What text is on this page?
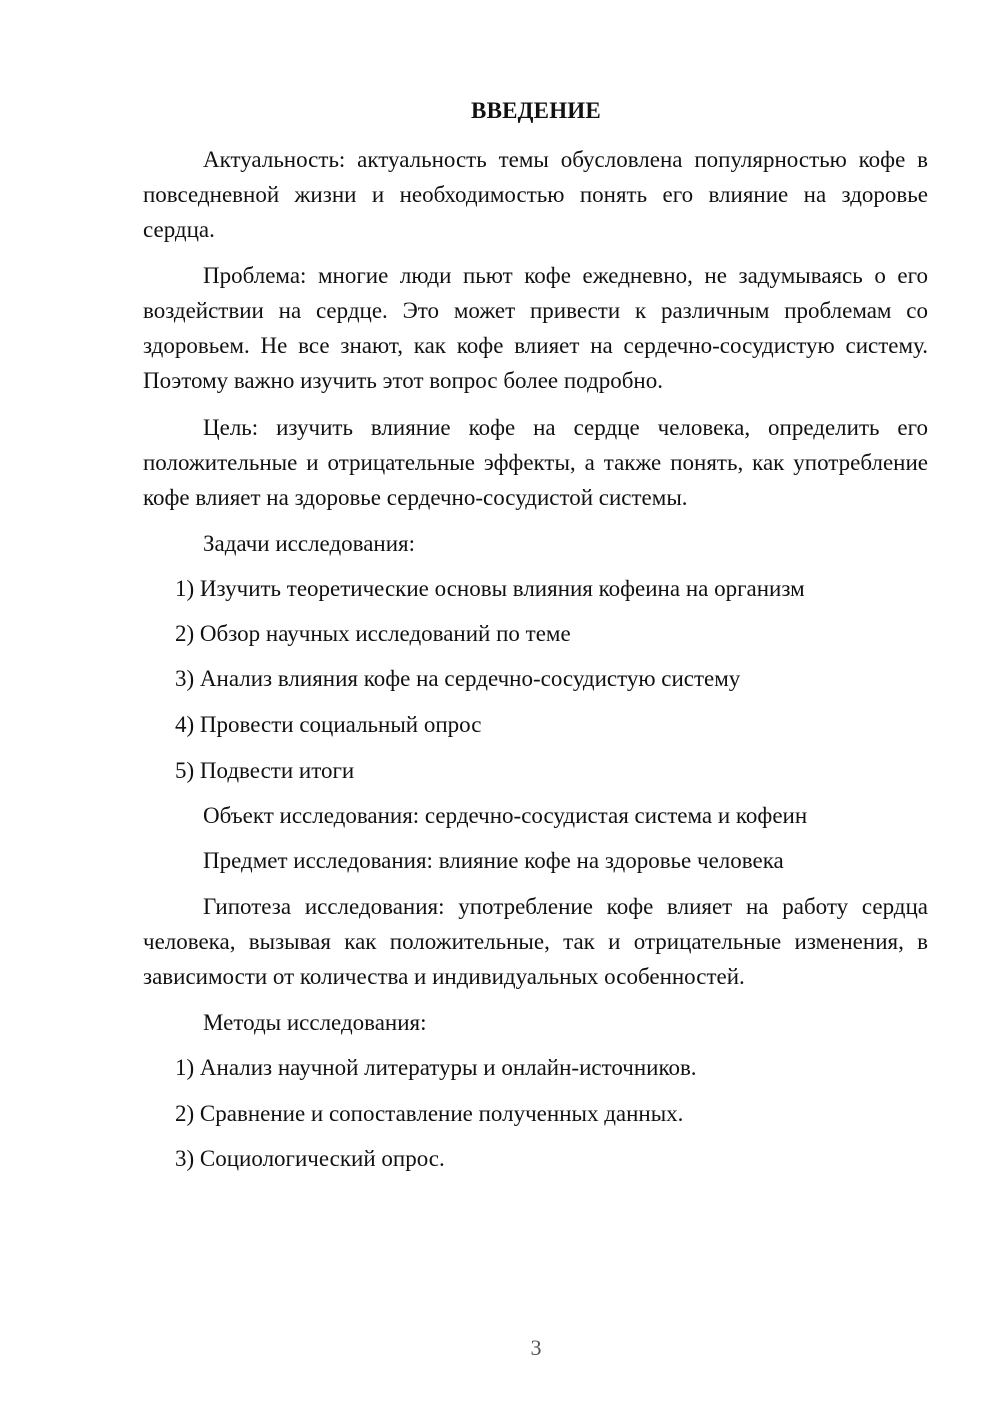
ВВЕДЕНИЕ

Актуальность: актуальность темы обусловлена популярностью кофе в повседневной жизни и необходимостью понять его влияние на здоровье сердца.

Проблема: многие люди пьют кофе ежедневно, не задумываясь о его воздействии на сердце. Это может привести к различным проблемам со здоровьем. Не все знают, как кофе влияет на сердечно-сосудистую систему. Поэтому важно изучить этот вопрос более подробно.

Цель: изучить влияние кофе на сердце человека, определить его положительные и отрицательные эффекты, а также понять, как употребление кофе влияет на здоровье сердечно-сосудистой системы.

Задачи исследования:

1) Изучить теоретические основы влияния кофеина на организм

2) Обзор научных исследований по теме

3) Анализ влияния кофе на сердечно-сосудистую систему

4) Провести социальный опрос

5) Подвести итоги

Объект исследования: сердечно-сосудистая система и кофеин

Предмет исследования: влияние кофе на здоровье человека

Гипотеза исследования: употребление кофе влияет на работу сердца человека, вызывая как положительные, так и отрицательные изменения, в зависимости от количества и индивидуальных особенностей.

Методы исследования:

1) Анализ научной литературы и онлайн-источников.

2) Сравнение и сопоставление полученных данных.

3) Социологический опрос.

3
